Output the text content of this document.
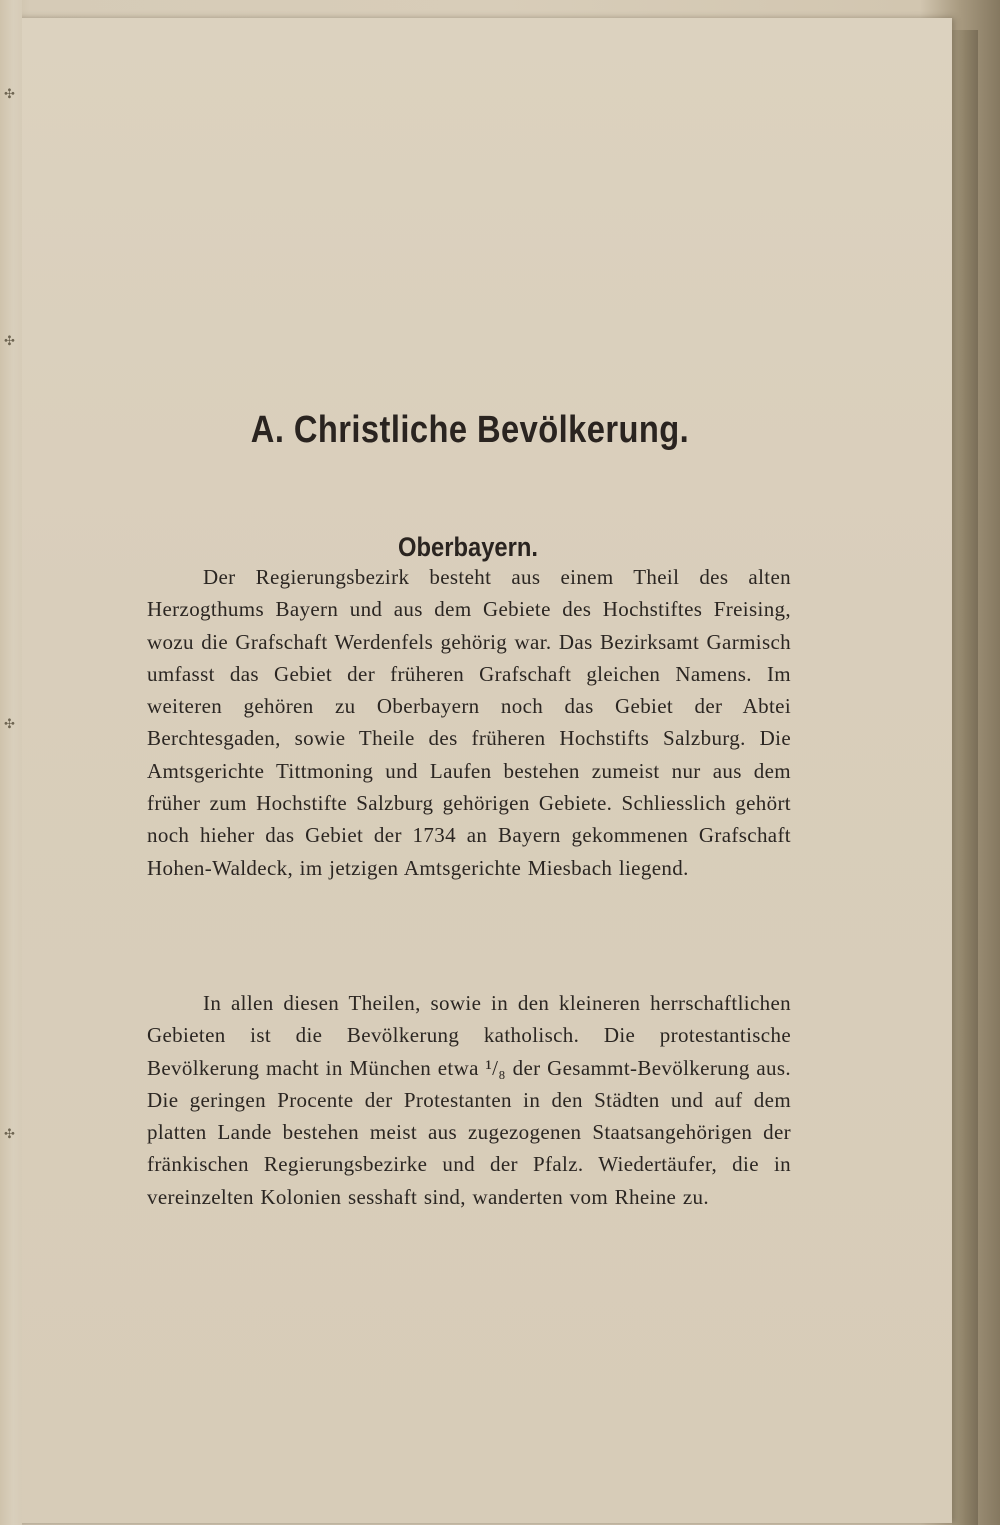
✣
✣
✣
✣
A. Christliche Bevölkerung.
Oberbayern.

Der Regierungsbezirk besteht aus einem Theil des alten Herzogthums Bayern und aus dem Gebiete des Hochstiftes Freising, wozu die Grafschaft Werdenfels gehörig war. Das Bezirksamt Garmisch umfasst das Gebiet der früheren Grafschaft gleichen Namens. Im weiteren gehören zu Oberbayern noch das Gebiet der Abtei Berchtesgaden, sowie Theile des früheren Hochstifts Salzburg. Die Amtsgerichte Tittmoning und Laufen bestehen zumeist nur aus dem früher zum Hochstifte Salzburg gehörigen Gebiete. Schliesslich gehört noch hieher das Gebiet der 1734 an Bayern gekommenen Grafschaft Hohen-Waldeck, im jetzigen Amtsgerichte Miesbach liegend.

In allen diesen Theilen, sowie in den kleineren herrschaftlichen Gebieten ist die Bevölkerung katholisch. Die protestantische Bevölkerung macht in München etwa ¹/₈ der Gesammt-Bevölkerung aus. Die geringen Procente der Protestanten in den Städten und auf dem platten Lande bestehen meist aus zugezogenen Staatsangehörigen der fränkischen Regierungsbezirke und der Pfalz. Wiedertäufer, die in vereinzelten Kolonien sesshaft sind, wanderten vom Rheine zu.
